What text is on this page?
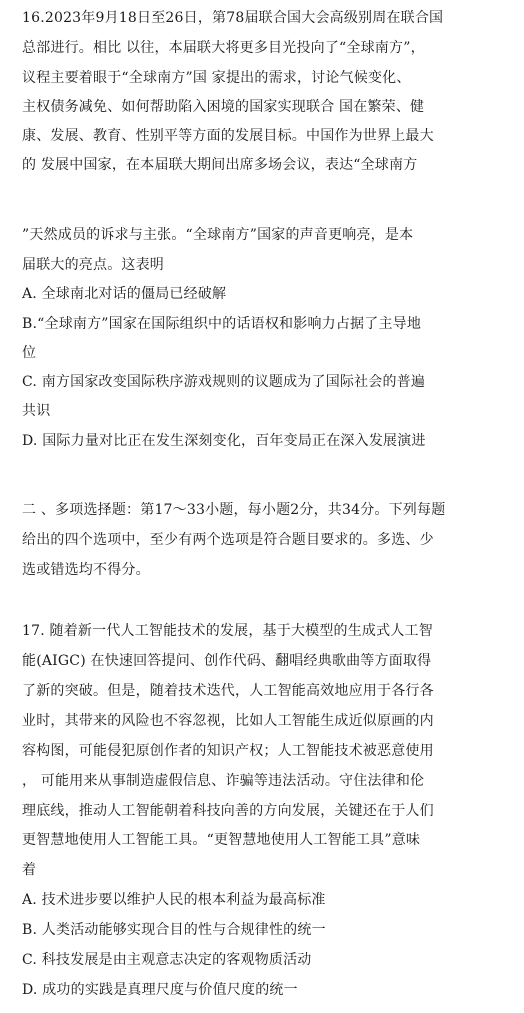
16.2023年9月18日至26日，第78届联合国大会高级别周在联合国
总部进行。相比 以往，本届联大将更多目光投向了“全球南方”，
议程主要着眼于“全球南方”国 家提出的需求，讨论气候变化、
主权债务减免、如何帮助陷入困境的国家实现联合 国在繁荣、健
康、发展、教育、性别平等方面的发展目标。中国作为世界上最大
的 发展中国家，在本届联大期间出席多场会议，表达“全球南方
”天然成员的诉求与主张。“全球南方”国家的声音更响亮，是本
届联大的亮点。这表明
A. 全球南北对话的僵局已经破解
B.“全球南方”国家在国际组织中的话语权和影响力占据了主导地
位
C. 南方国家改变国际秩序游戏规则的议题成为了国际社会的普遍
共识
D. 国际力量对比正在发生深刻变化，百年变局正在深入发展演进
二 、多项选择题：第17～33小题，每小题2分，共34分。下列每题
给出的四个选项中，至少有两个选项是符合题目要求的。多选、少
选或错选均不得分。
17. 随着新一代人工智能技术的发展，基于大模型的生成式人工智
能(AIGC) 在快速回答提问、创作代码、翻唱经典歌曲等方面取得
了新的突破。但是，随着技术迭代，人工智能高效地应用于各行各
业时，其带来的风险也不容忽视，比如人工智能生成近似原画的内
容构图，可能侵犯原创作者的知识产权；人工智能技术被恶意使用
， 可能用来从事制造虚假信息、诈骗等违法活动。守住法律和伦
理底线，推动人工智能朝着科技向善的方向发展，关键还在于人们
更智慧地使用人工智能工具。“更智慧地使用人工智能工具”意味
着
A. 技术进步要以维护人民的根本利益为最高标准
B. 人类活动能够实现合目的性与合规律性的统一
C. 科技发展是由主观意志决定的客观物质活动
D. 成功的实践是真理尺度与价值尺度的统一
